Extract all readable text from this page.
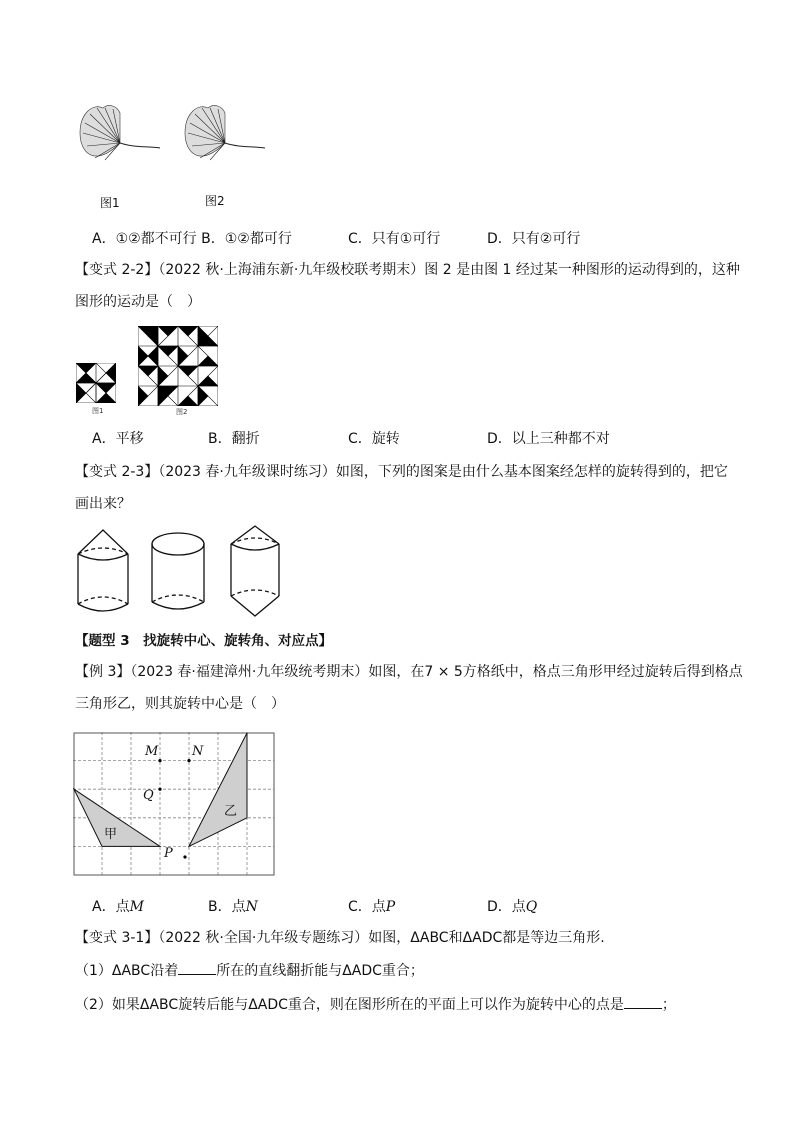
图1	图2
A．①②都不可行 B．①②都可行	C．只有①可行	D．只有②可行
【变式 2-2】（2022 秋·上海浦东新·九年级校联考期末）图 2 是由图 1 经过某一种图形的运动得到的，这种
图形的运动是（　）
图1	图2
A．平移	B．翻折	C．旋转	D．以上三种都不对
【变式 2-3】（2023 春·九年级课时练习）如图，下列的图案是由什么基本图案经怎样的旋转得到的，把它
画出来？
【题型 3　找旋转中心、旋转角、对应点】
【例 3】（2023 春·福建漳州·九年级统考期末）如图，在7 × 5方格纸中，格点三角形甲经过旋转后得到格点
三角形乙，则其旋转中心是（　）
M	N
Q
P
甲
乙
A．点M	B．点N	C．点P	D．点Q
【变式 3-1】（2022 秋·全国·九年级专题练习）如图，ΔABC和ΔADC都是等边三角形.
（1）ΔABC沿着	所在的直线翻折能与ΔADC重合；
（2）如果ΔABC旋转后能与ΔADC重合，则在图形所在的平面上可以作为旋转中心的点是	；
